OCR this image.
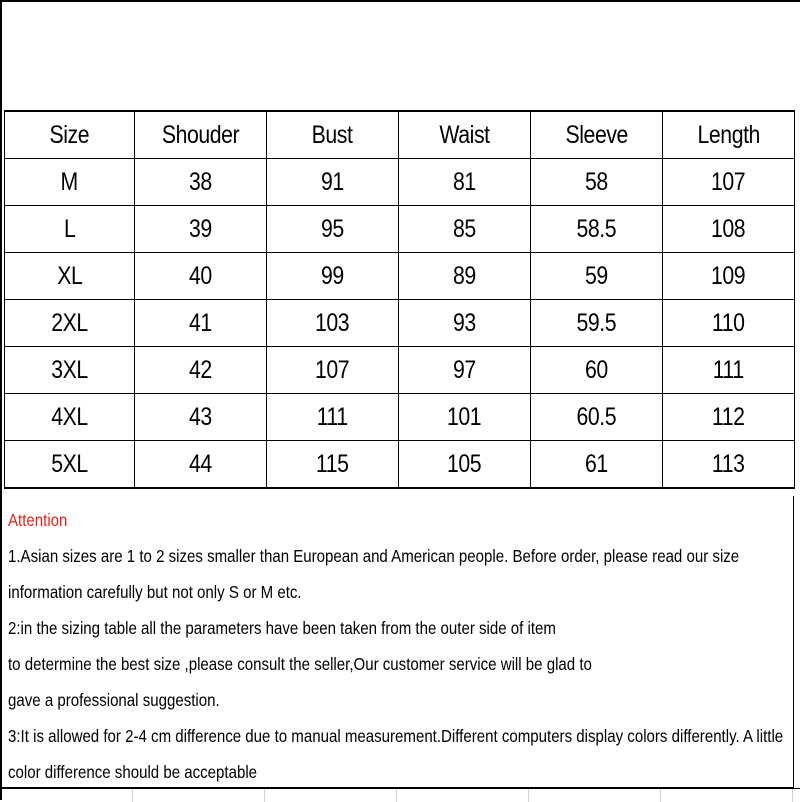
Size	Shouder	Bust	Waist	Sleeve	Length
M	38	91	81	58	107
L	39	95	85	58.5	108
XL	40	99	89	59	109
2XL	41	103	93	59.5	110
3XL	42	107	97	60	111
4XL	43	111	101	60.5	112
5XL	44	115	105	61	113
Attention
1.Asian sizes are 1 to 2 sizes smaller than European and American people. Before order, please read our size
information carefully but not only S or M etc.
2:in the sizing table all the parameters have been taken from the outer side of item
to determine the best size ,please consult the seller,Our customer service will be glad to
gave a professional suggestion.
3:It is allowed for 2-4 cm difference due to manual measurement.Different computers display colors differently. A little
color difference should be acceptable
